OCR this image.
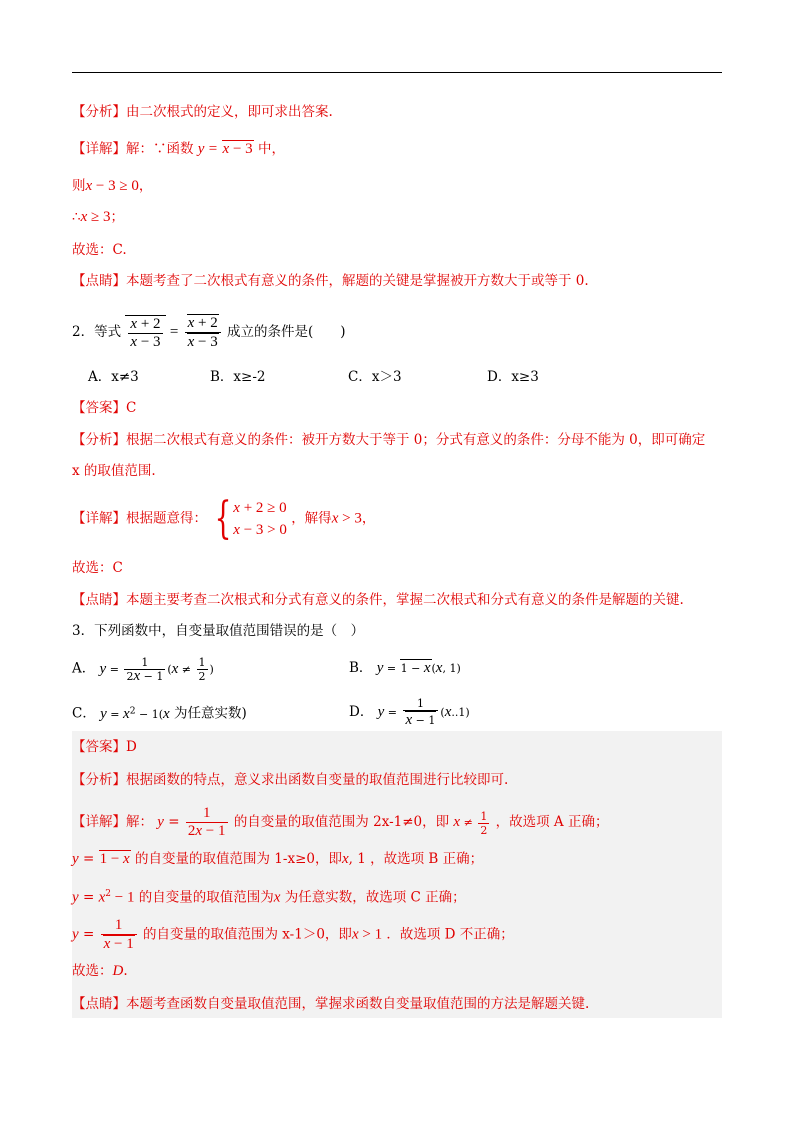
【分析】由二次根式的定义，即可求出答案.
【详解】解：∵函数 y = x − 3 中，
则x − 3 ≥ 0，
∴x ≥ 3；
故选：C.
【点睛】本题考查了二次根式有意义的条件，解题的关键是掌握被开方数大于或等于 0.
2．等式 $\frac{x + 2}{x - 3} = \frac{x + 2}{x - 3}$ 成立的条件是(　　)
A．x≠3	B．x≥-2	C．x＞3	D．x≥3
【答案】C
【分析】根据二次根式有意义的条件：被开方数大于等于 0；分式有意义的条件：分母不能为 0，即可确定
x 的取值范围.
【详解】根据题意得： { x + 2 ≥ 0
x − 3 > 0
，解得x > 3，
故选：C
【点睛】本题主要考查二次根式和分式有意义的条件，掌握二次根式和分式有意义的条件是解题的关键.
3．下列函数中，自变量取值范围错误的是（　）
A． $y = \frac{1}{2x - 1} (x \ne \frac{1}{2}$ )	B． y = 1 − x(x, 1)
C． $y = x^2 - 1(x$ 为任意实数)	D． $y = \frac{1}{x - 1} (x..1)$
【答案】D
【分析】根据函数的特点，意义求出函数自变量的取值范围进行比较即可.
【详解】解： $y = \frac{1}{2x - 1}$ 的自变量的取值范围为 2x-1≠0，即 $x \ne \frac{1}{2}$ ，故选项 A 正确；
y = 1 − x 的自变量的取值范围为 1-x≥0，即x, 1 ，故选项 B 正确；
$y = x^2 - 1$ 的自变量的取值范围为x 为任意实数，故选项 C 正确；
$y = \frac{1}{x - 1}$ 的自变量的取值范围为 x-1＞0，即x > 1 ．故选项 D 不正确；
故选：D.
【点睛】本题考查函数自变量取值范围，掌握求函数自变量取值范围的方法是解题关键.
